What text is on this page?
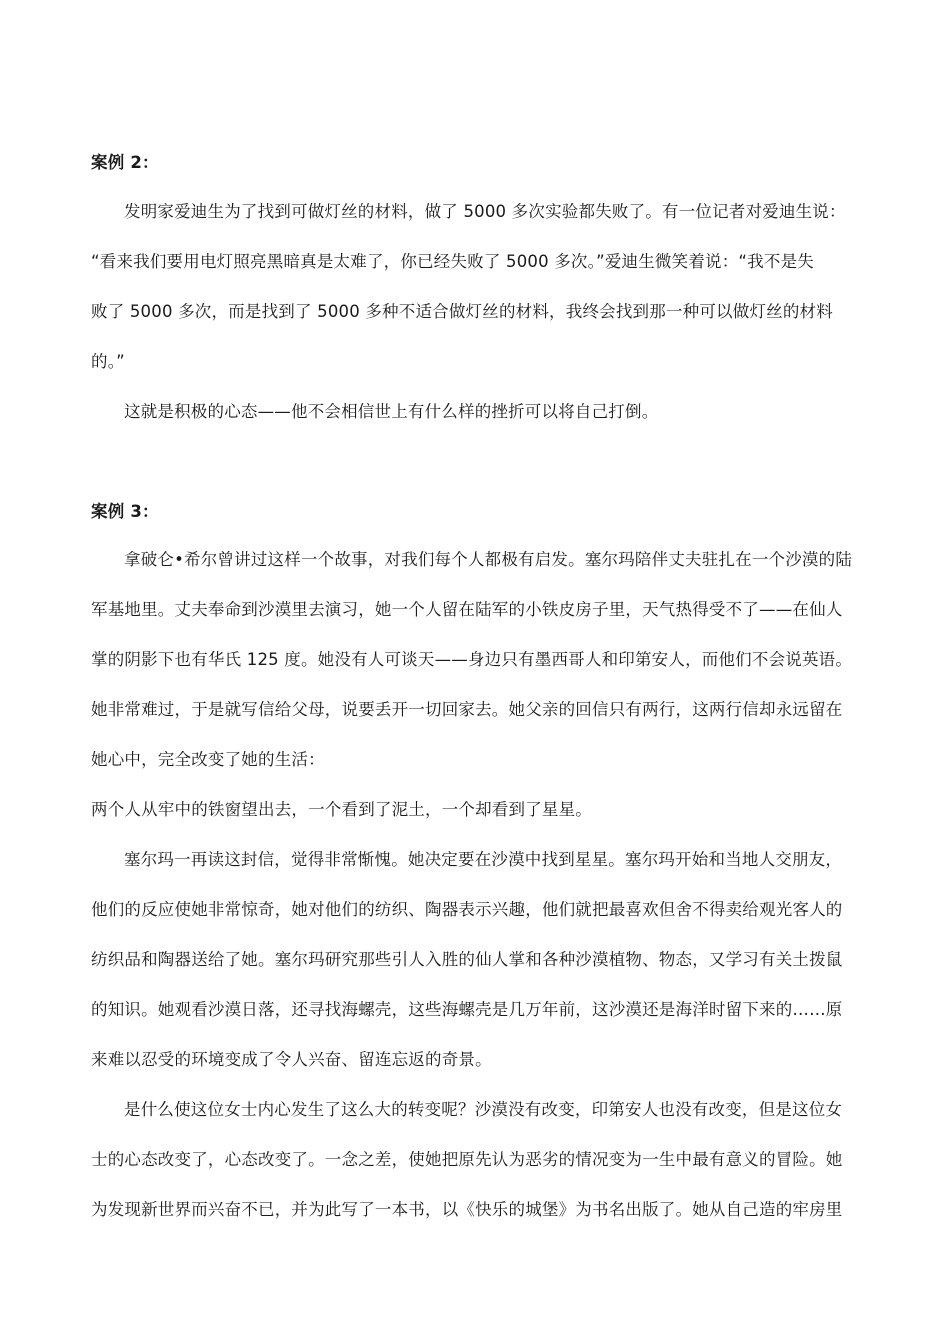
案例 2：
发明家爱迪生为了找到可做灯丝的材料，做了 5000 多次实验都失败了。有一位记者对爱迪生说：
“看来我们要用电灯照亮黑暗真是太难了，你已经失败了 5000 多次。”爱迪生微笑着说：“我不是失
败了 5000 多次，而是找到了 5000 多种不适合做灯丝的材料，我终会找到那一种可以做灯丝的材料
的。”
这就是积极的心态——他不会相信世上有什么样的挫折可以将自己打倒。
案例 3：
拿破仑•希尔曾讲过这样一个故事，对我们每个人都极有启发。塞尔玛陪伴丈夫驻扎在一个沙漠的陆
军基地里。丈夫奉命到沙漠里去演习，她一个人留在陆军的小铁皮房子里，天气热得受不了——在仙人
掌的阴影下也有华氏 125 度。她没有人可谈天——身边只有墨西哥人和印第安人，而他们不会说英语。
她非常难过，于是就写信给父母，说要丢开一切回家去。她父亲的回信只有两行，这两行信却永远留在
她心中，完全改变了她的生活：
两个人从牢中的铁窗望出去，一个看到了泥土，一个却看到了星星。
塞尔玛一再读这封信，觉得非常惭愧。她决定要在沙漠中找到星星。塞尔玛开始和当地人交朋友，
他们的反应使她非常惊奇，她对他们的纺织、陶器表示兴趣，他们就把最喜欢但舍不得卖给观光客人的
纺织品和陶器送给了她。塞尔玛研究那些引人入胜的仙人掌和各种沙漠植物、物态，又学习有关土拨鼠
的知识。她观看沙漠日落，还寻找海螺壳，这些海螺壳是几万年前，这沙漠还是海洋时留下来的……原
来难以忍受的环境变成了令人兴奋、留连忘返的奇景。
是什么使这位女士内心发生了这么大的转变呢？沙漠没有改变，印第安人也没有改变，但是这位女
士的心态改变了，心态改变了。一念之差，使她把原先认为恶劣的情况变为一生中最有意义的冒险。她
为发现新世界而兴奋不已，并为此写了一本书，以《快乐的城堡》为书名出版了。她从自己造的牢房里
